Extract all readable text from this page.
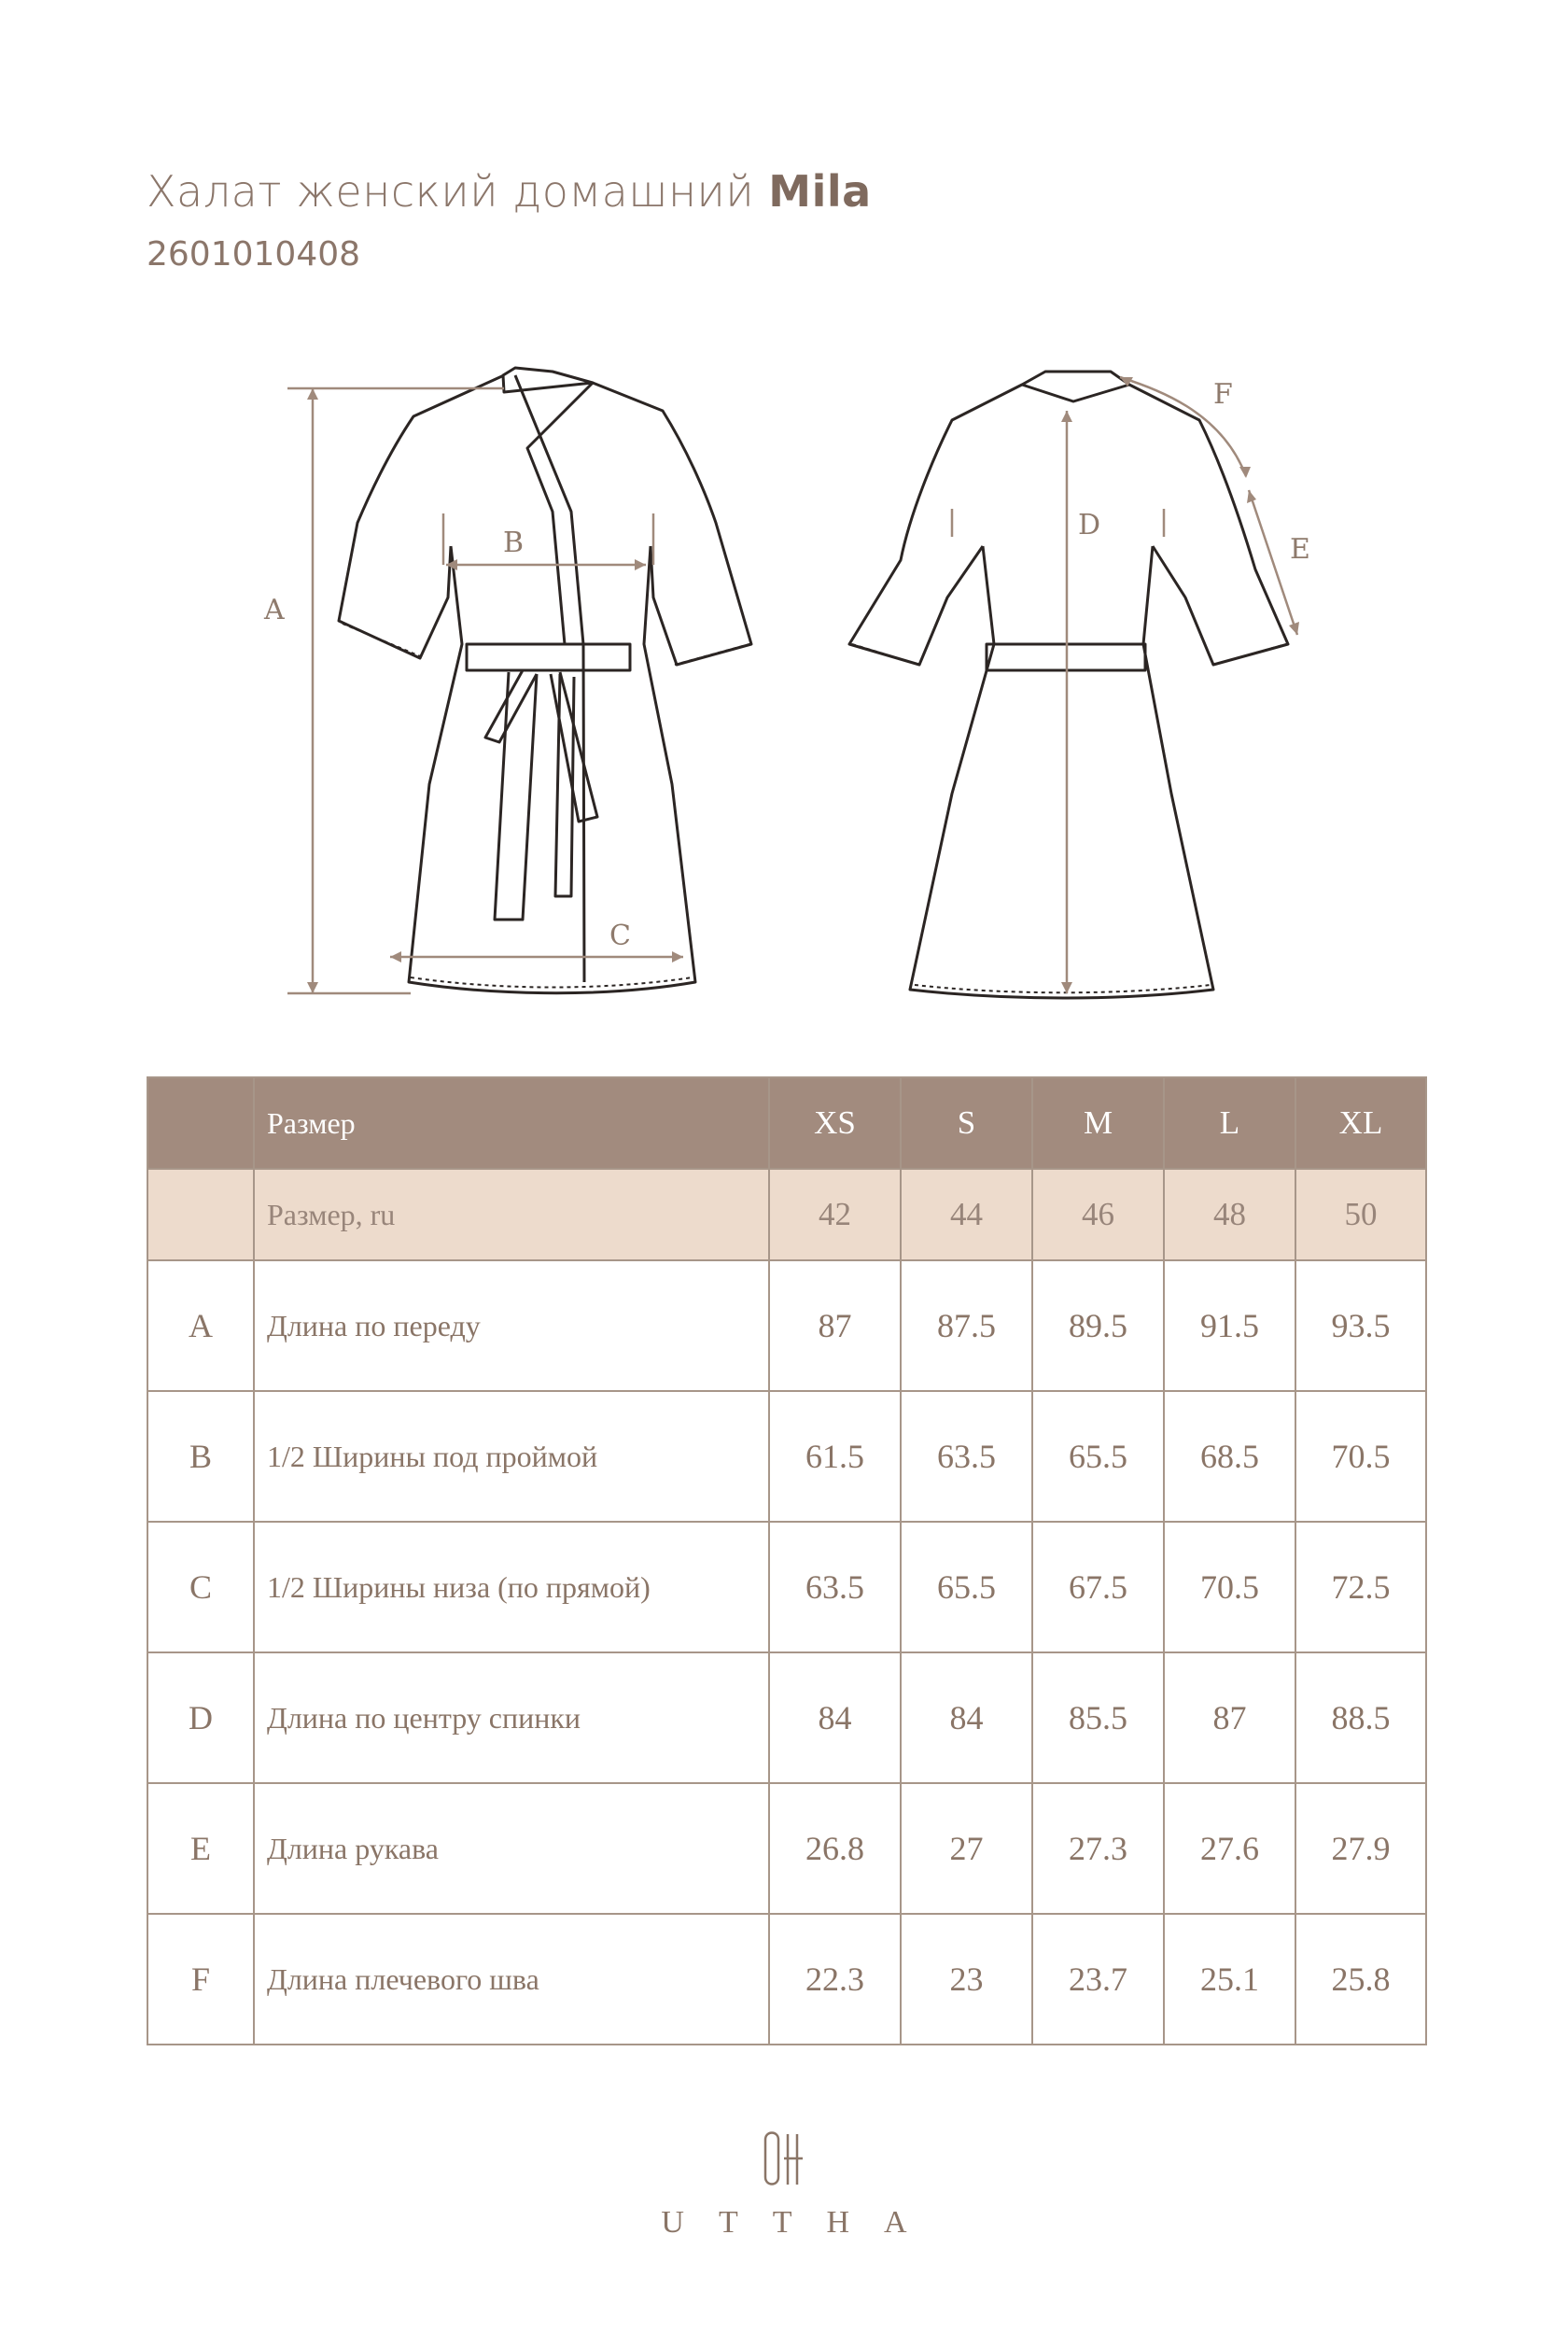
Халат женский домашний Mila
2601010408
A
B
C
D
E
F
	Размер	XS	S	M	L	XL
	Размер, ru	42	44	46	48	50
A	Длина по переду	87	87.5	89.5	91.5	93.5
B	1/2 Ширины под проймой	61.5	63.5	65.5	68.5	70.5
C	1/2 Ширины низа (по прямой)	63.5	65.5	67.5	70.5	72.5
D	Длина по центру спинки	84	84	85.5	87	88.5
E	Длина рукава	26.8	27	27.3	27.6	27.9
F	Длина плечевого шва	22.3	23	23.7	25.1	25.8
UTTHA
